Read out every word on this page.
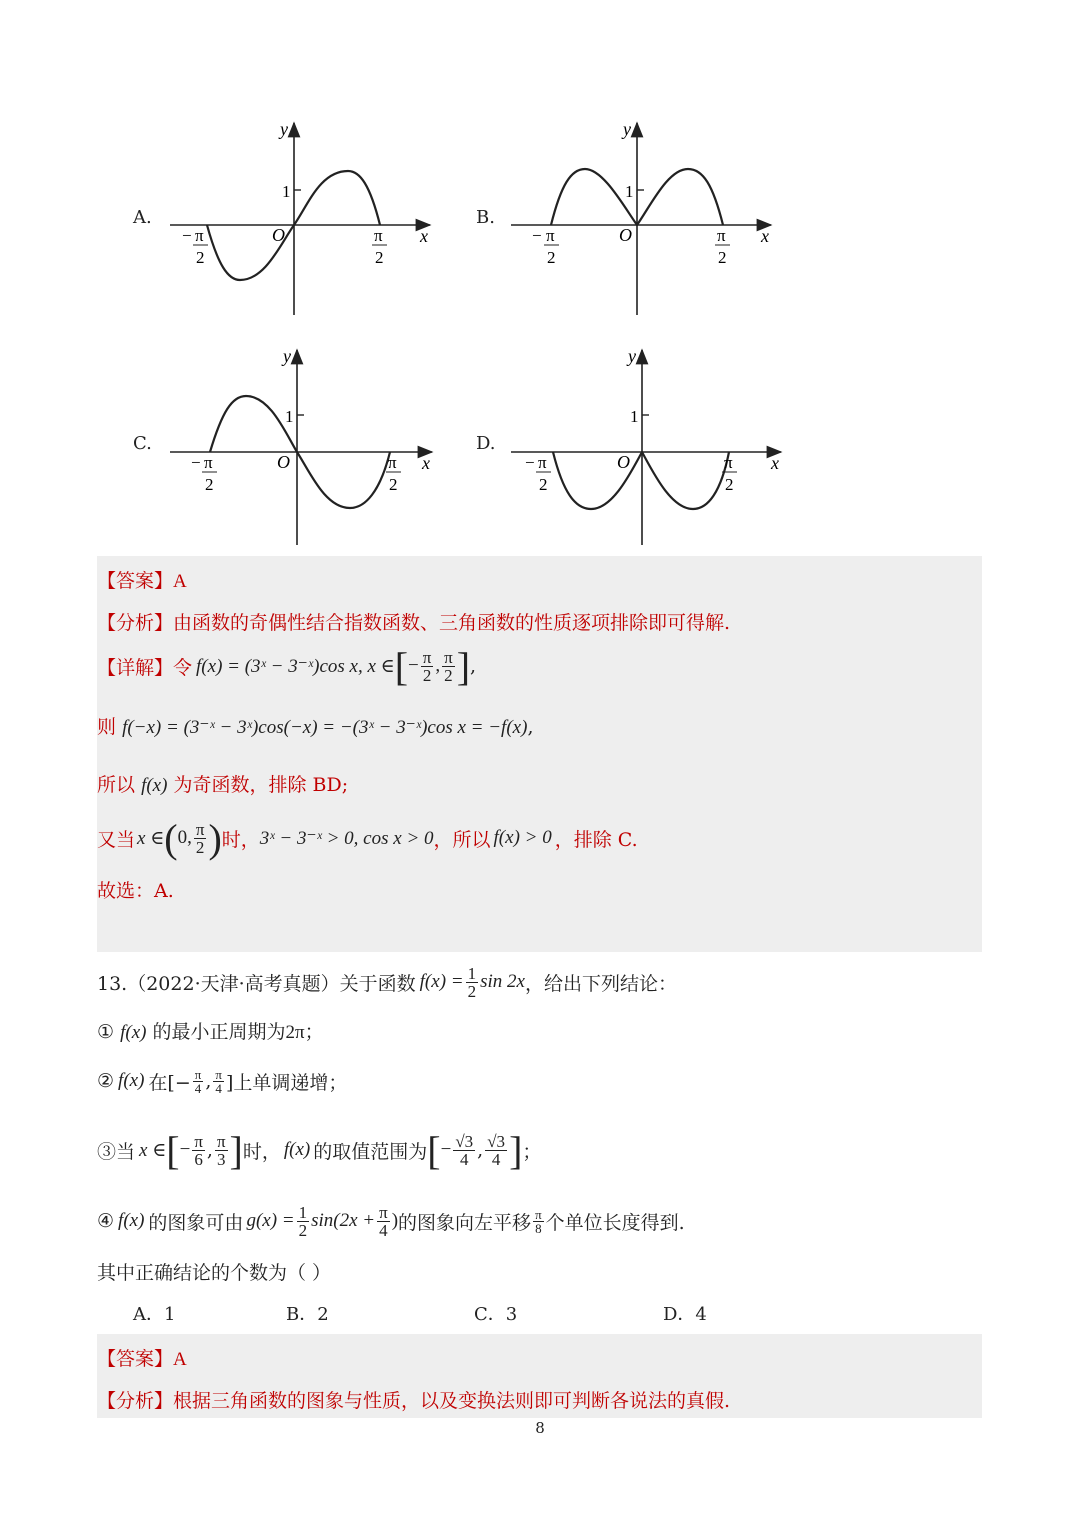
A.	B.
C.	D.
y
x
O
1
− π
2
π
2
y
x
O
1
− π
2
π
2
y
x
O
1
− π
2
π
2
y
x
O
1
− π
2
π
2
【答案】A
【分析】由函数的奇偶性结合指数函数、三角函数的性质逐项排除即可得解.
【详解】 令 f(x) = (3ˣ − 3⁻ˣ)cos x, x ∈ [ − $\frac{\pi}{2}$ , $\frac{\pi}{2}$ ] ,
则 f(−x) = (3⁻ˣ − 3ˣ)cos(−x) = −(3ˣ − 3⁻ˣ)cos x = −f(x),
所以 f(x) 为奇函数，排除 BD;
又当 x ∈ ( 0, $\frac{\pi}{2}$ ) 时， 3ˣ − 3⁻ˣ > 0, cos x > 0 ，所以 f(x) > 0 ，排除 C.
故选：A.
13.（2022·天津·高考真题）关于函数 $f(x) = \frac{1}{2}$ sin 2x ，给出下列结论：
① f(x) 的最小正周期为2π；
② f(x) 在[− $\frac{\pi}{4}$ , $\frac{\pi}{4}$ ]上单调递增；
③当 x ∈ [ − $\frac{\pi}{6}$ , $\frac{\pi}{3}$ ] 时， f(x) 的取值范围为 [ − $\frac{√3}{4}$ , $\frac{√3}{4}$ ] ；
④ f(x) 的图象可由 $g(x) = \frac{1}{2} \sin(2x + \frac{\pi}{4}$ ) 的图象向左平移 $\frac{\pi}{8}$ 个单位长度得到.
其中正确结论的个数为（ ）
A．1	B．2	C．3	D．4
【答案】A
【分析】根据三角函数的图象与性质，以及变换法则即可判断各说法的真假.
8
